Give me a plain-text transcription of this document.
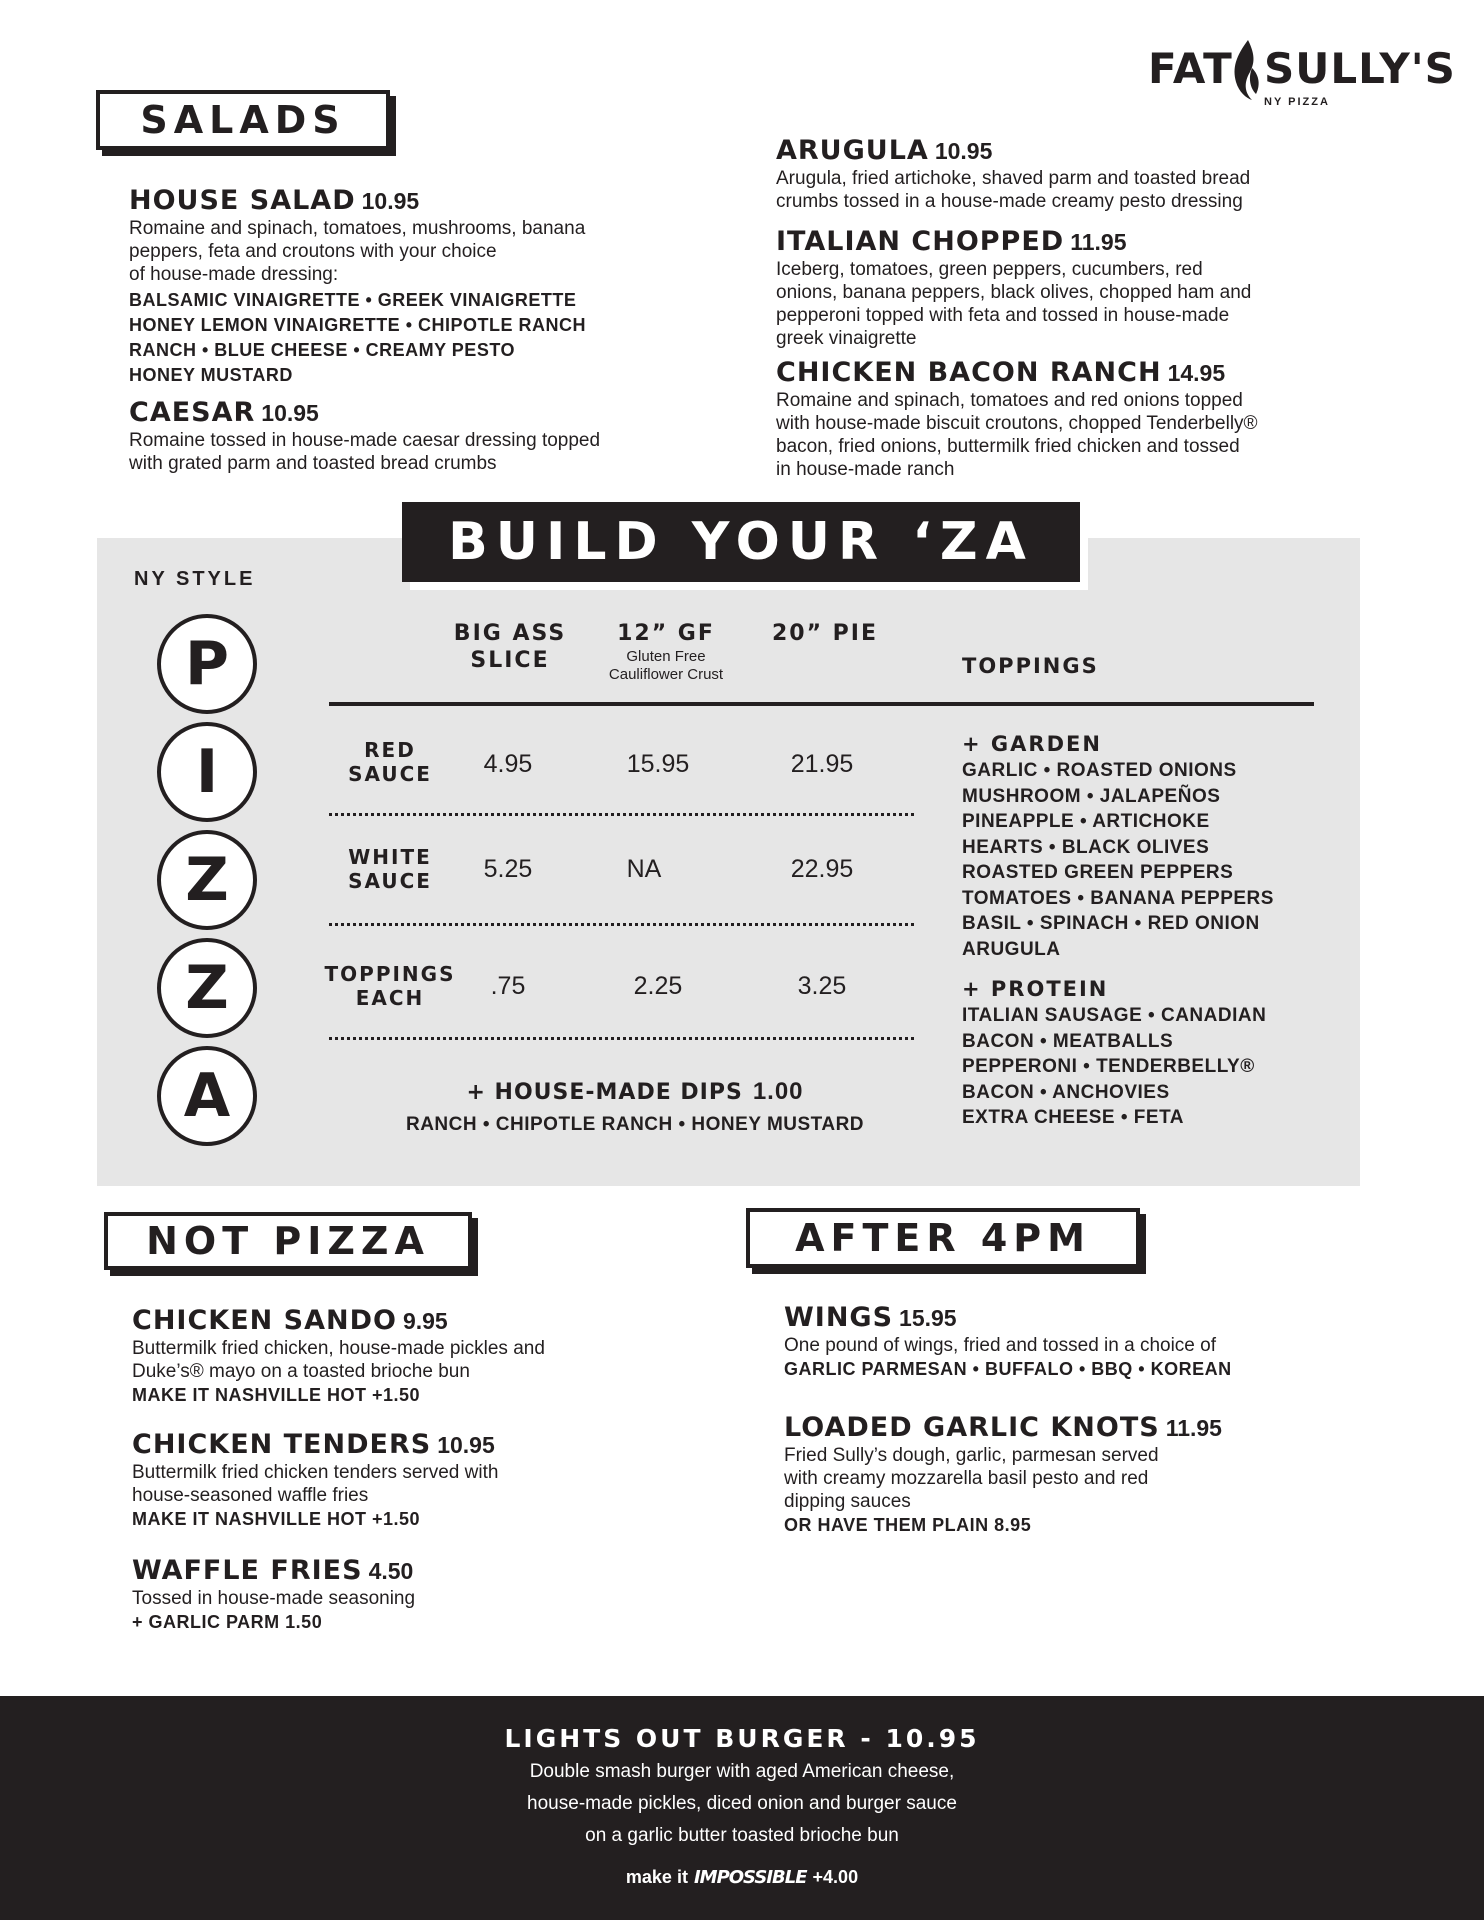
FAT SULLY'S
NY PIZZA
SALADS
HOUSE SALAD 10.95
Romaine and spinach, tomatoes, mushrooms, banana
peppers, feta and croutons with your choice
of house-made dressing:
BALSAMIC VINAIGRETTE • GREEK VINAIGRETTE
HONEY LEMON VINAIGRETTE • CHIPOTLE RANCH
RANCH • BLUE CHEESE • CREAMY PESTO
HONEY MUSTARD
CAESAR 10.95
Romaine tossed in house-made caesar dressing topped
with grated parm and toasted bread crumbs
ARUGULA 10.95
Arugula, fried artichoke, shaved parm and toasted bread
crumbs tossed in a house-made creamy pesto dressing
ITALIAN CHOPPED 11.95
Iceberg, tomatoes, green peppers, cucumbers, red
onions, banana peppers, black olives, chopped ham and
pepperoni topped with feta and tossed in house-made
greek vinaigrette
CHICKEN BACON RANCH 14.95
Romaine and spinach, tomatoes and red onions topped
with house-made biscuit croutons, chopped Tenderbelly®
bacon, fried onions, buttermilk fried chicken and tossed
in house-made ranch
BUILD YOUR ‘ZA
NY STYLE
P
I
Z
Z
A
BIG ASS
SLICE
12” GF
Gluten Free
Cauliflower Crust
20” PIE
TOPPINGS
RED
SAUCE	4.95	15.95	21.95
WHITE
SAUCE	5.25	NA	22.95
TOPPINGS
EACH	.75	2.25	3.25
+ HOUSE-MADE DIPS 1.00
RANCH • CHIPOTLE RANCH • HONEY MUSTARD
+ GARDEN
GARLIC • ROASTED ONIONS
MUSHROOM • JALAPEÑOS
PINEAPPLE • ARTICHOKE
HEARTS • BLACK OLIVES
ROASTED GREEN PEPPERS
TOMATOES • BANANA PEPPERS
BASIL • SPINACH • RED ONION
ARUGULA
+ PROTEIN
ITALIAN SAUSAGE • CANADIAN
BACON • MEATBALLS
PEPPERONI • TENDERBELLY®
BACON • ANCHOVIES
EXTRA CHEESE • FETA
NOT PIZZA
CHICKEN SANDO 9.95
Buttermilk fried chicken, house-made pickles and
Duke’s® mayo on a toasted brioche bun
MAKE IT NASHVILLE HOT +1.50
CHICKEN TENDERS 10.95
Buttermilk fried chicken tenders served with
house-seasoned waffle fries
MAKE IT NASHVILLE HOT +1.50
WAFFLE FRIES 4.50
Tossed in house-made seasoning
+ GARLIC PARM 1.50
AFTER 4PM
WINGS 15.95
One pound of wings, fried and tossed in a choice of
GARLIC PARMESAN • BUFFALO • BBQ • KOREAN
LOADED GARLIC KNOTS 11.95
Fried Sully’s dough, garlic, parmesan served
with creamy mozzarella basil pesto and red
dipping sauces
OR HAVE THEM PLAIN 8.95
LIGHTS OUT BURGER - 10.95
Double smash burger with aged American cheese,
house-made pickles, diced onion and burger sauce
on a garlic butter toasted brioche bun
make it IMPOSSIBLE +4.00
